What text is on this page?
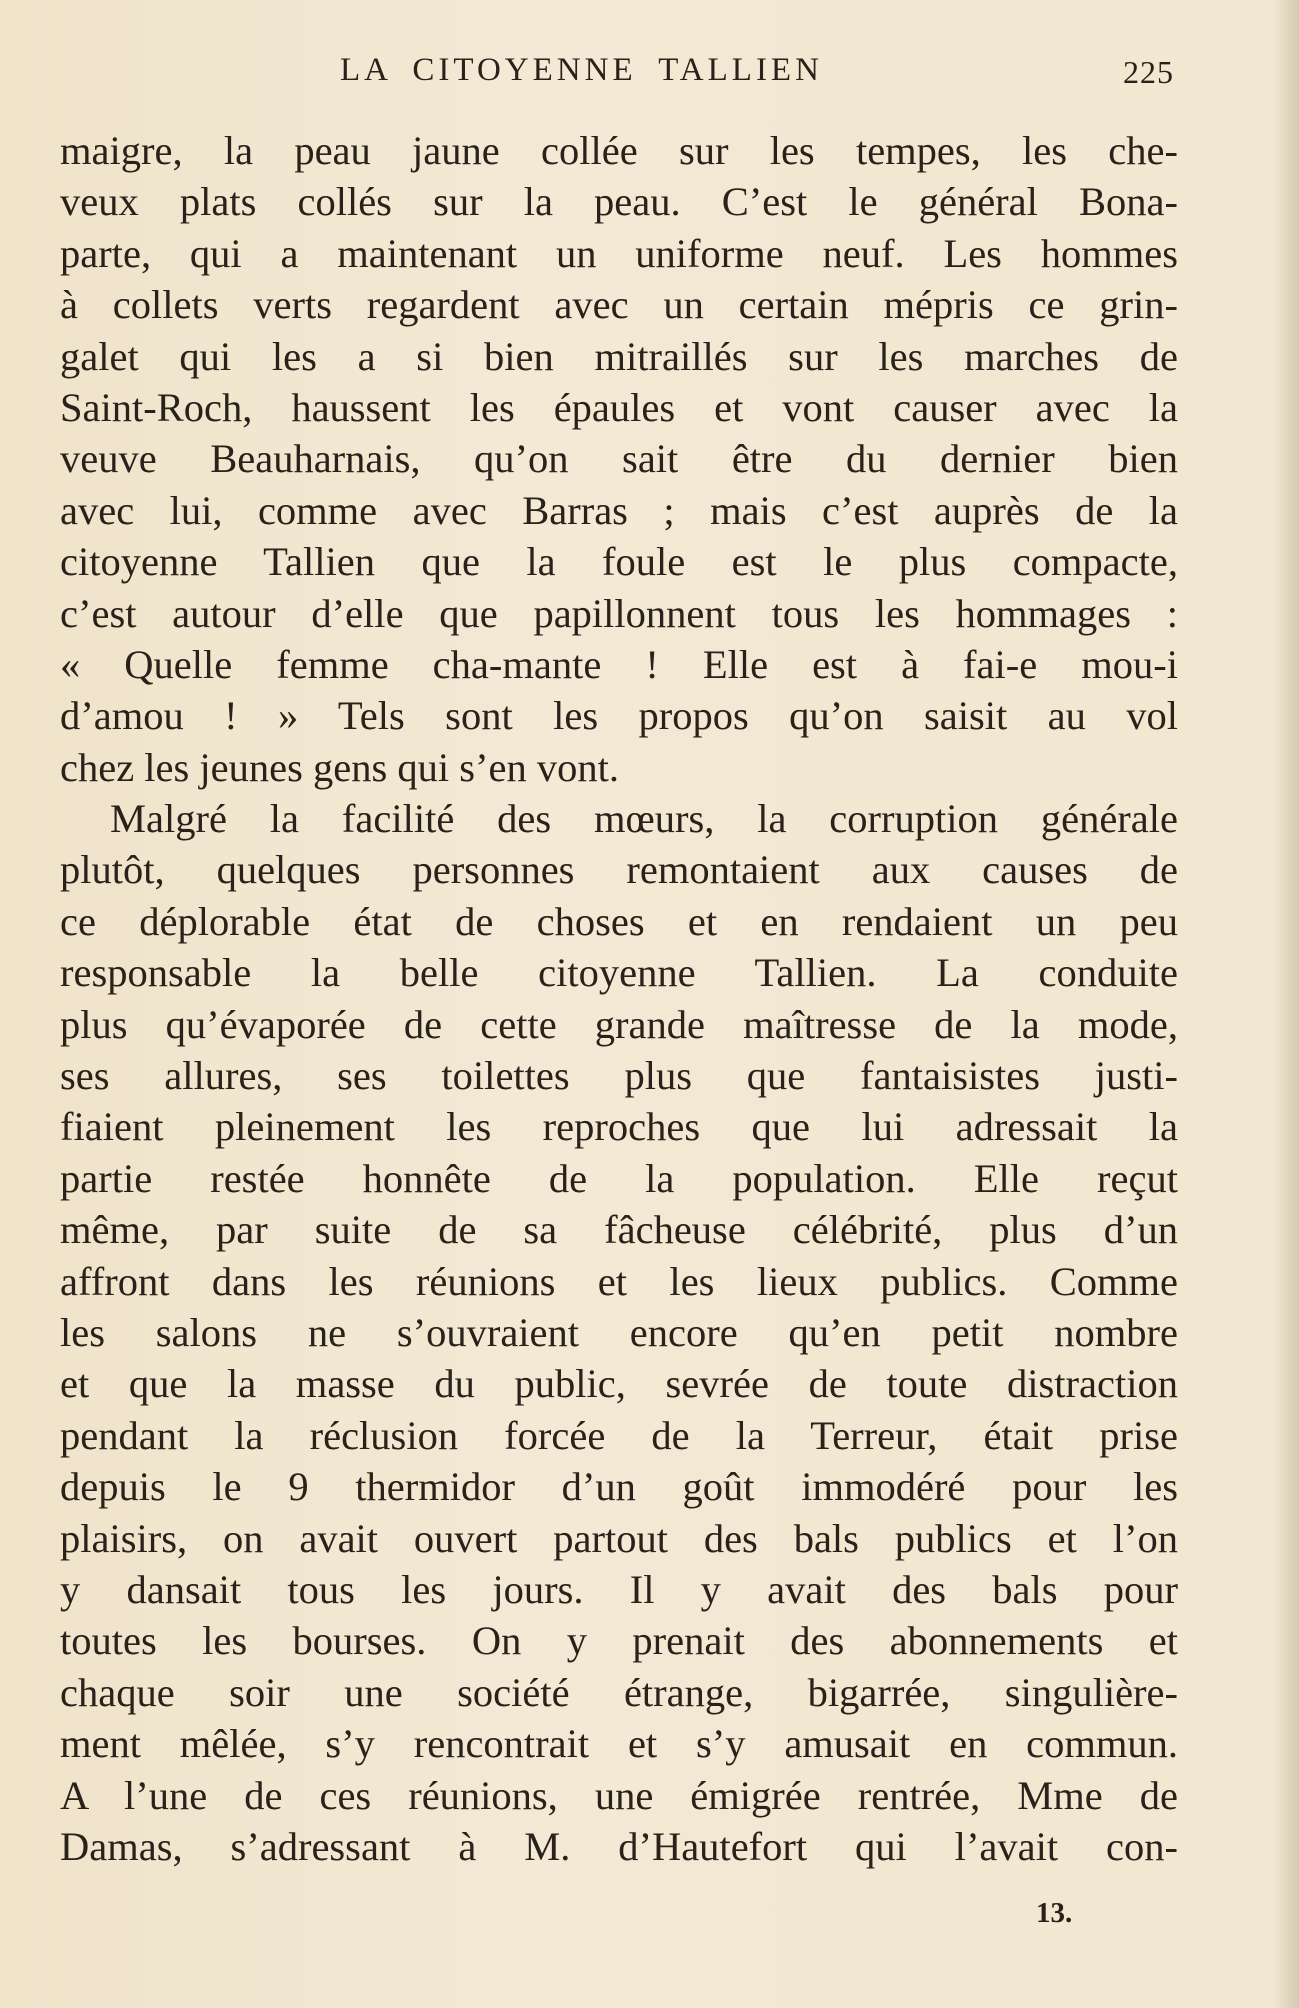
LA CITOYENNE TALLIEN	225
maigre, la peau jaune collée sur les tempes, les che-
veux plats collés sur la peau. C’est le général Bona-
parte, qui a maintenant un uniforme neuf. Les hommes
à collets verts regardent avec un certain mépris ce grin-
galet qui les a si bien mitraillés sur les marches de
Saint-Roch, haussent les épaules et vont causer avec la
veuve Beauharnais, qu’on sait être du dernier bien
avec lui, comme avec Barras ; mais c’est auprès de la
citoyenne Tallien que la foule est le plus compacte,
c’est autour d’elle que papillonnent tous les hommages :
« Quelle femme cha-mante ! Elle est à fai-e mou-i
d’amou ! » Tels sont les propos qu’on saisit au vol
chez les jeunes gens qui s’en vont.
Malgré la facilité des mœurs, la corruption générale
plutôt, quelques personnes remontaient aux causes de
ce déplorable état de choses et en rendaient un peu
responsable la belle citoyenne Tallien. La conduite
plus qu’évaporée de cette grande maîtresse de la mode,
ses allures, ses toilettes plus que fantaisistes justi-
fiaient pleinement les reproches que lui adressait la
partie restée honnête de la population. Elle reçut
même, par suite de sa fâcheuse célébrité, plus d’un
affront dans les réunions et les lieux publics. Comme
les salons ne s’ouvraient encore qu’en petit nombre
et que la masse du public, sevrée de toute distraction
pendant la réclusion forcée de la Terreur, était prise
depuis le 9 thermidor d’un goût immodéré pour les
plaisirs, on avait ouvert partout des bals publics et l’on
y dansait tous les jours. Il y avait des bals pour
toutes les bourses. On y prenait des abonnements et
chaque soir une société étrange, bigarrée, singulière-
ment mêlée, s’y rencontrait et s’y amusait en commun.
A l’une de ces réunions, une émigrée rentrée, Mme de
Damas, s’adressant à M. d’Hautefort qui l’avait con-
13.
